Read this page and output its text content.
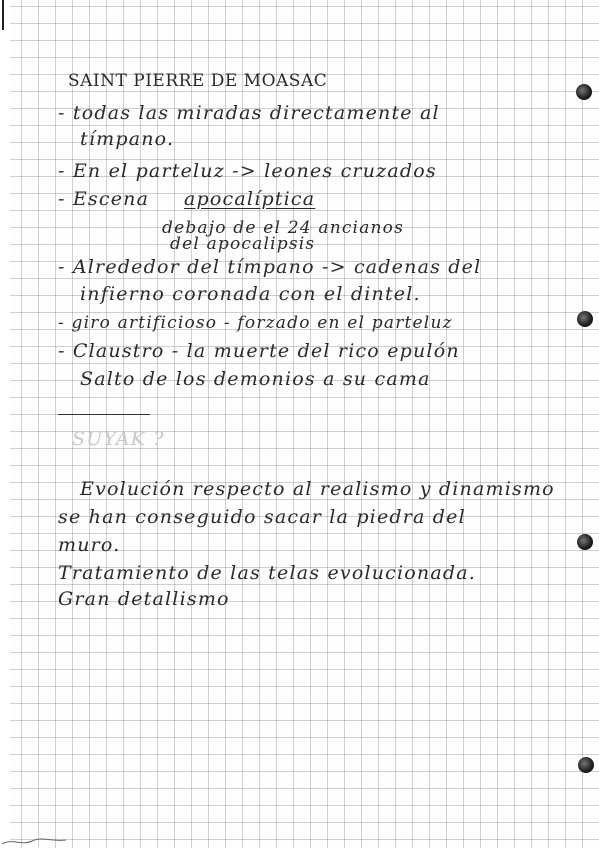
SAINT PIERRE DE MOASAC

- todas las miradas directamente al

tímpano.

- En el parteluz -> leones cruzados

- Escena apocalíptica

debajo de el 24 ancianos

del apocalipsis

- Alrededor del tímpano -> cadenas del

infierno coronada con el dintel.

- giro artificioso - forzado en el parteluz

- Claustro - la muerte del rico epulón

Salto de los demonios a su cama

SUYAK ?

Evolución respecto al realismo y dinamismo

se han conseguido sacar la piedra del

muro.

Tratamiento de las telas evolucionada.

Gran detallismo
